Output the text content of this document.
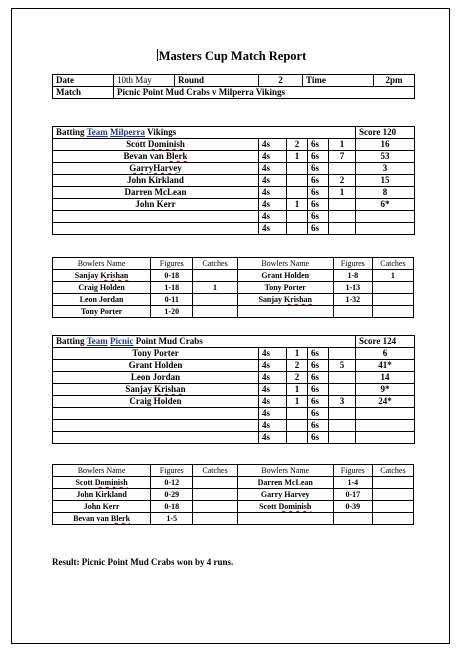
Masters Cup Match Report
Date	10th May	Round	2	Time	2pm
Match	Picnic Point Mud Crabs v Milperra Vikings				
Batting Team Milperra Vikings					Score 120
Scott Dominish	4s	2	6s	1	16
Bevan van Blerk	4s	1	6s	7	53
GarryHarvey	4s		6s		3
John Kirkland	4s		6s	2	15
Darren McLean	4s		6s	1	8
John Kerr	4s	1	6s		6*
	4s		6s		
	4s		6s		
Bowlers Name	Figures	Catches	Bowlers Name	Figures	Catches
Sanjay Krishan	0-18		Grant Holden	1-8	1
Craig Holden	1-18	1	Tony Porter	1-13	
Leon Jordan	0-11		Sanjay Krishan	1-32	
Tony Porter	1-20				
Batting Team Picnic Point Mud Crabs					Score 124
Tony Porter	4s	1	6s		6
Grant Holden	4s	2	6s	5	41*
Leon Jordan	4s	2	6s		14
Sanjay Krishan	4s	1	6s		9*
Craig Holden	4s	1	6s	3	24*
	4s		6s		
	4s		6s		
	4s		6s		
Bowlers Name	Figures	Catches	Bowlers Name	Figures	Catches
Scott Dominish	0-12		Darren McLean	1-4	
John Kirkland	0-29		Garry Harvey	0-17	
John Kerr	0-18		Scott Dominish	0-39	
Bevan van Blerk	1-5				
Result: Picnic Point Mud Crabs won by 4 runs.
